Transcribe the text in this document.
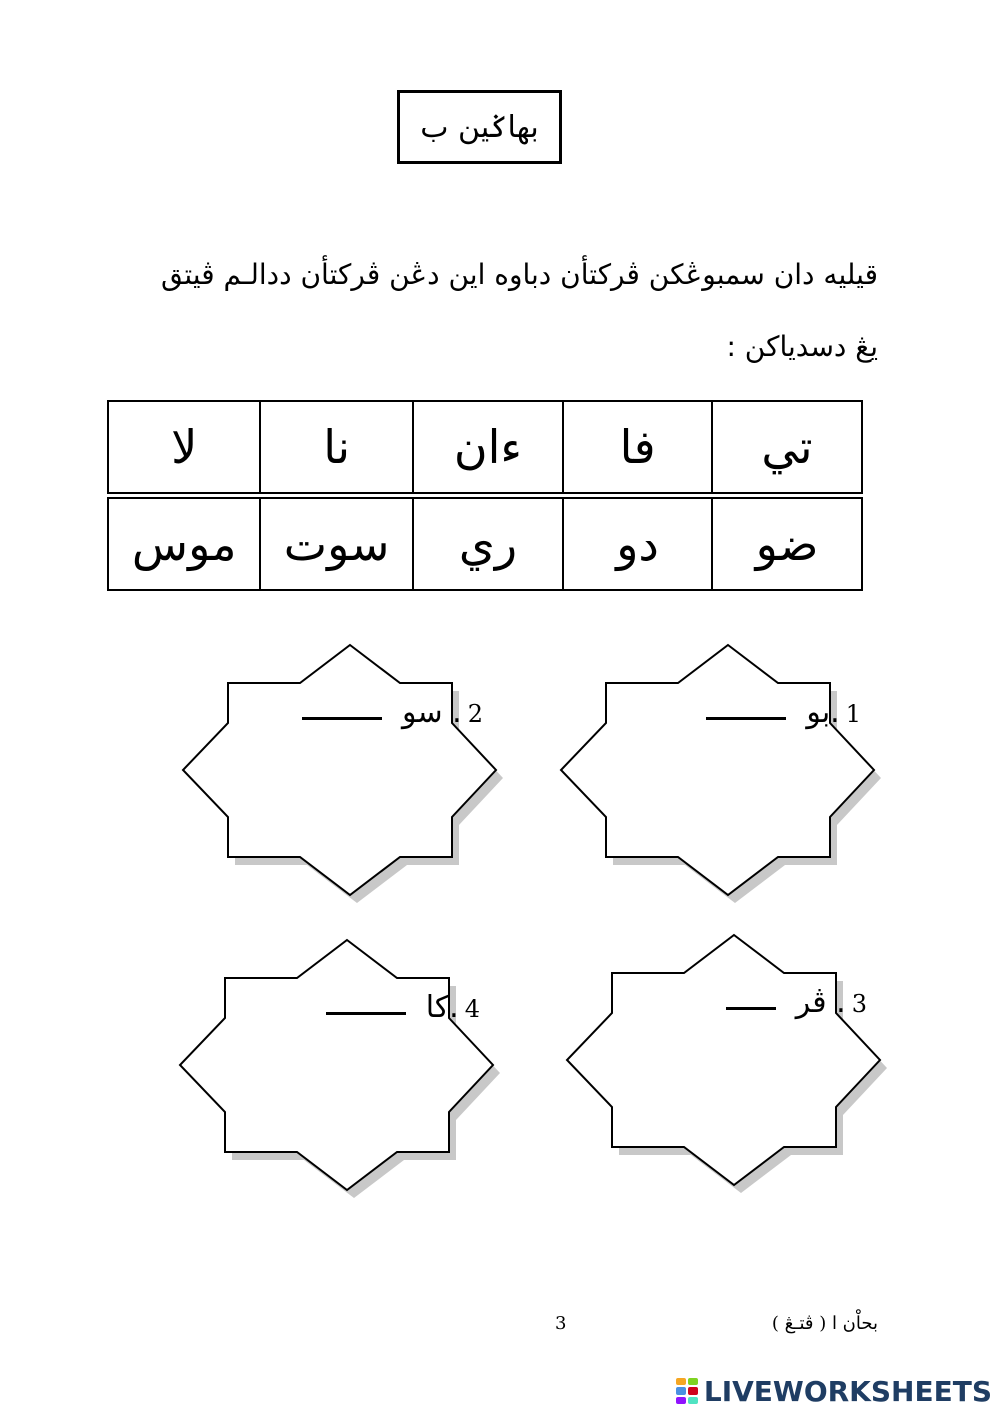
بهاݢين ب
قيليه دان سمبوڠكن ڤركتأن دباوه اين دڠن ڤركتأن ددالـم ڤيتق
يڠ دسدياكن :
تي	فا	ءان	نا	لا

ضو	دو	ري	سوت	موس
1
.بو
2
. سو
3
. ڤر
4
.كا
3	بحاْن ا ( ڤتـڠ )
LIVEWORKSHEETS
